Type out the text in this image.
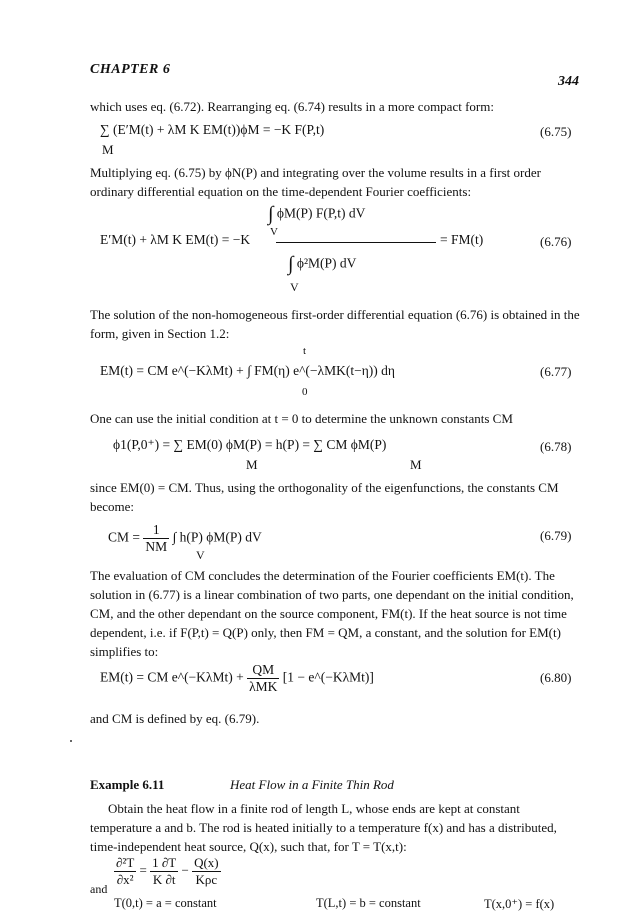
CHAPTER 6
344
which uses eq. (6.72). Rearranging eq. (6.74) results in a more compact form:
∑ (E′M(t) + λM K EM(t))ϕM = −K F(P,t)
M
(6.75)
Multiplying eq. (6.75) by ϕN(P) and integrating over the volume results in a first order ordinary differential equation on the time-dependent Fourier coefficients:
∫ ϕM(P) F(P,t) dV
E′M(t) + λM K EM(t) = −K V	= FM(t)
∫ ϕ²M(P) dV
V
(6.76)
The solution of the non-homogeneous first-order differential equation (6.76) is obtained in the form, given in Section 1.2:
t
EM(t) = CM e^(−KλMt) + ∫ FM(η) e^(−λMK(t−η)) dη
0
(6.77)
One can use the initial condition at t = 0 to determine the unknown constants CM
ϕ1(P,0⁺) = ∑ EM(0) ϕM(P) = h(P) = ∑ CM ϕM(P)
M	M
(6.78)
since EM(0) = CM. Thus, using the orthogonality of the eigenfunctions, the constants CM become:
CM = $\frac{1}{NM}$ ∫ h(P) ϕM(P) dV
V
(6.79)
The evaluation of CM concludes the determination of the Fourier coefficients EM(t). The solution in (6.77) is a linear combination of two parts, one dependant on the initial condition, CM, and the other dependant on the source component, FM(t). If the heat source is not time dependent, i.e. if F(P,t) = Q(P) only, then FM = QM, a constant, and the solution for EM(t) simplifies to:
EM(t) = CM e^(−KλMt) + $\frac{QM}{\text{λMK}} [1$ − e^(−KλMt)]	(6.80)
and CM is defined by eq. (6.79).
Example 6.11	Heat Flow in a Finite Thin Rod
Obtain the heat flow in a finite rod of length L, whose ends are kept at constant temperature a and b. The rod is heated initially to a temperature f(x) and has a distributed, time-independent heat source, Q(x), such that, for T = T(x,t):
$\frac{\text{∂²T}}{\text{∂x²}} = \frac{1 \partial T}{K \partial t} - \frac{Q(x)}{\text{Kρc}}$
and
T(0,t) = a = constant	T(L,t) = b = constant	T(x,0⁺) = f(x)
